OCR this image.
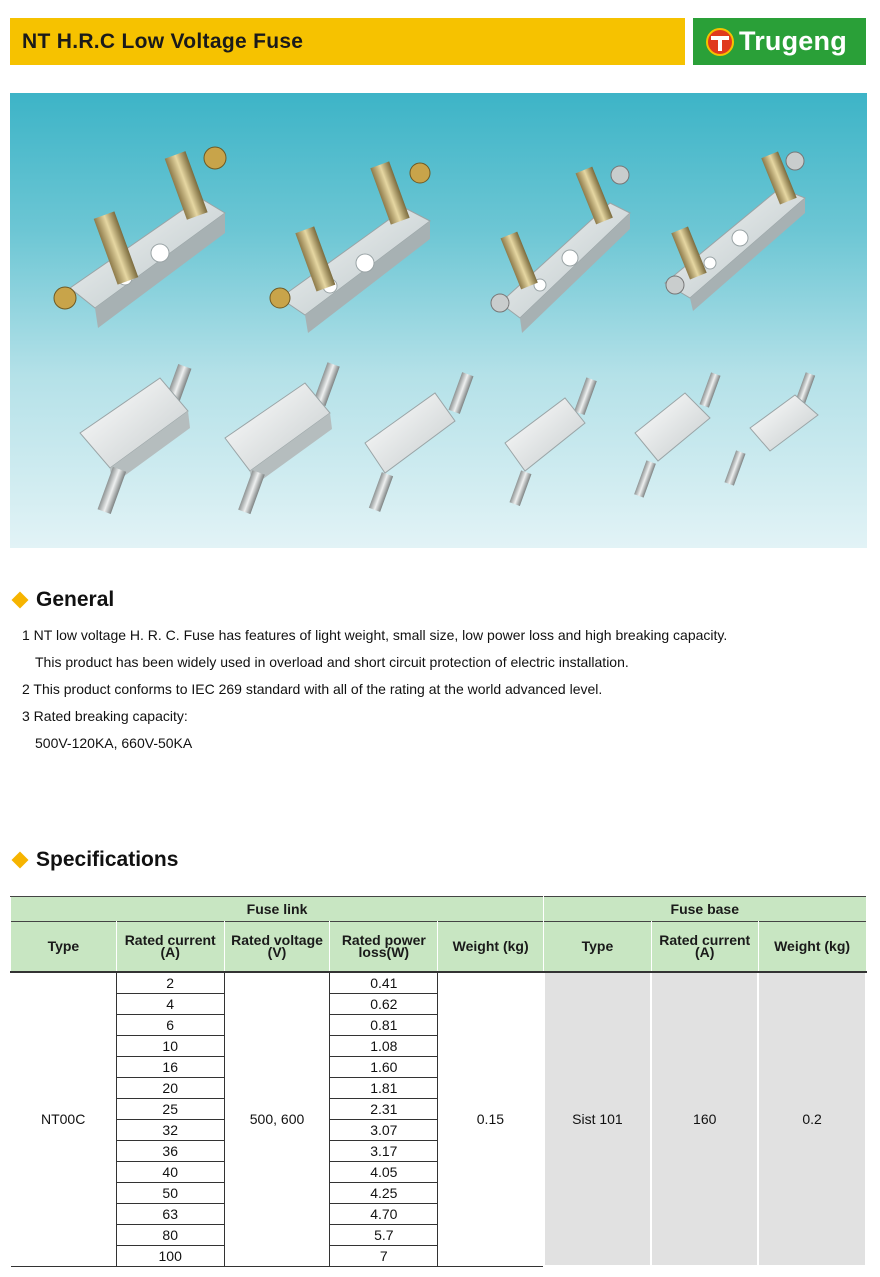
NT H.R.C Low Voltage Fuse	Trugeng
General

1 NT low voltage H. R. C. Fuse has features of light weight, small size, low power loss and high breaking capacity.

This product has been widely used in overload and short circuit protection of electric installation.

2 This product conforms to IEC 269 standard with all of the rating at the world advanced level.

3 Rated breaking capacity:

500V-120KA, 660V-50KA

Specifications
Fuse link					Fuse base		
Type	Rated current (A)	Rated voltage (V)	Rated power loss(W)	Weight (kg)	Type	Rated current (A)	Weight (kg)
NT00C	2	500, 600	0.41	0.15	Sist 101	160	0.2
	4		0.62				
	6		0.81				
	10		1.08				
	16		1.60				
	20		1.81				
	25		2.31				
	32		3.07				
	36		3.17				
	40		4.05				
	50		4.25				
	63		4.70				
	80		5.7				
	100		7				
